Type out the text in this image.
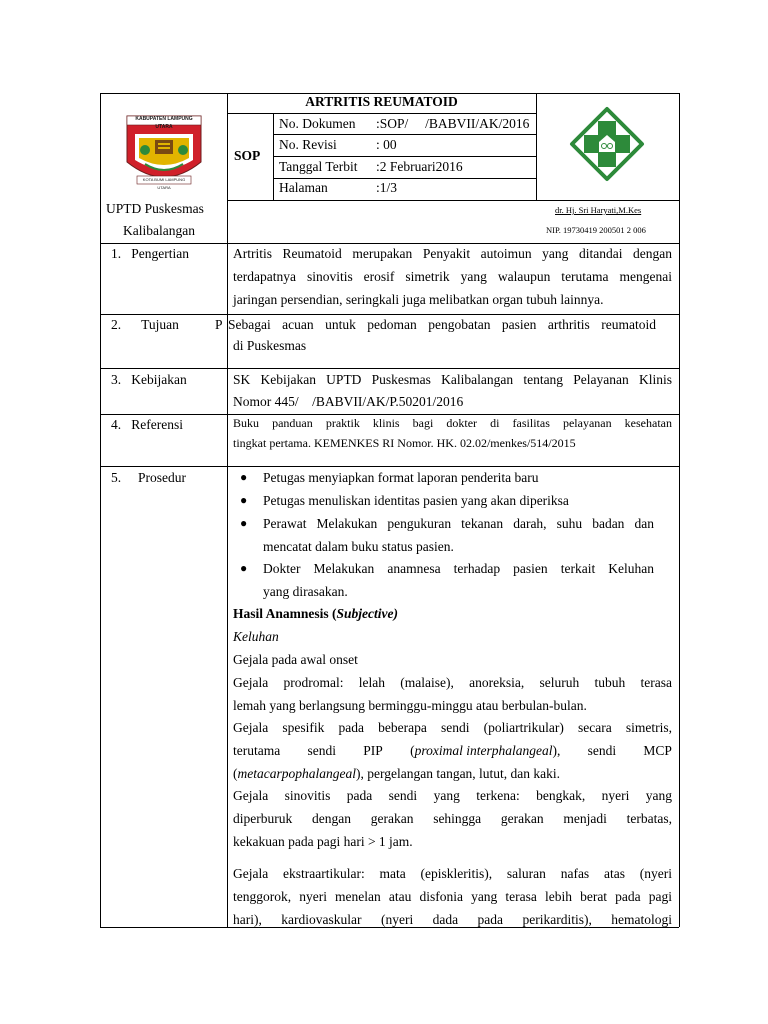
KABUPATEN LAMPUNG UTARA
KOTA BUMI LAMPUNG UTARA
ARTRITIS REUMATOID
SOP
No. Dokumen :SOP/     /BABVII/AK/2016
No. Revisi	: 00
Tanggal Terbit :2 Februari2016
Halaman	:1/3
UPTD Puskesmas
Kalibalangan
dr. Hj. Sri Haryati,M.Kes
NIP. 19730419 200501 2 006
1.   Pengertian	Artritis Reumatoid merupakan Penyakit autoimun yang ditandai dengan
terdapatnya sinovitis erosif simetrik yang walaupun terutama mengenai
jaringan persendian, seringkali juga melibatkan organ tubuh lainnya.
2.      Tujuan	P Sebagai acuan untuk pedoman pengobatan pasien arthritis reumatoid
di Puskesmas
3.   Kebijakan	SK Kebijakan UPTD Puskesmas Kalibalangan tentang Pelayanan Klinis
Nomor 445/    /BABVII/AK/P.50201/2016
4.   Referensi	Buku panduan praktik klinis bagi dokter di fasilitas pelayanan kesehatan
tingkat pertama. KEMENKES RI Nomor. HK. 02.02/menkes/514/2015
5.     Prosedur	● Petugas menyiapkan format laporan penderita baru
● Petugas menuliskan identitas pasien yang akan diperiksa
● Perawat Melakukan pengukuran tekanan darah, suhu badan dan
mencatat dalam buku status pasien.
● Dokter Melakukan anamnesa terhadap pasien terkait Keluhan
yang dirasakan.
Hasil Anamnesis (Subjective)
Keluhan
Gejala pada awal onset
Gejala prodromal: lelah (malaise), anoreksia, seluruh tubuh terasa
lemah yang berlangsung berminggu-minggu atau berbulan-bulan.
Gejala spesifik pada beberapa sendi (poliartrikular) secara simetris,
terutama sendi PIP (proximal interphalangeal), sendi MCP
(metacarpophalangeal), pergelangan tangan, lutut, dan kaki.
Gejala sinovitis pada sendi yang terkena: bengkak, nyeri yang
diperburuk dengan gerakan sehingga gerakan menjadi terbatas,
kekakuan pada pagi hari > 1 jam.
Gejala ekstraartikular: mata (episkleritis), saluran nafas atas (nyeri
tenggorok, nyeri menelan atau disfonia yang terasa lebih berat pada pagi
hari), kardiovaskular (nyeri dada pada perikarditis), hematologi
